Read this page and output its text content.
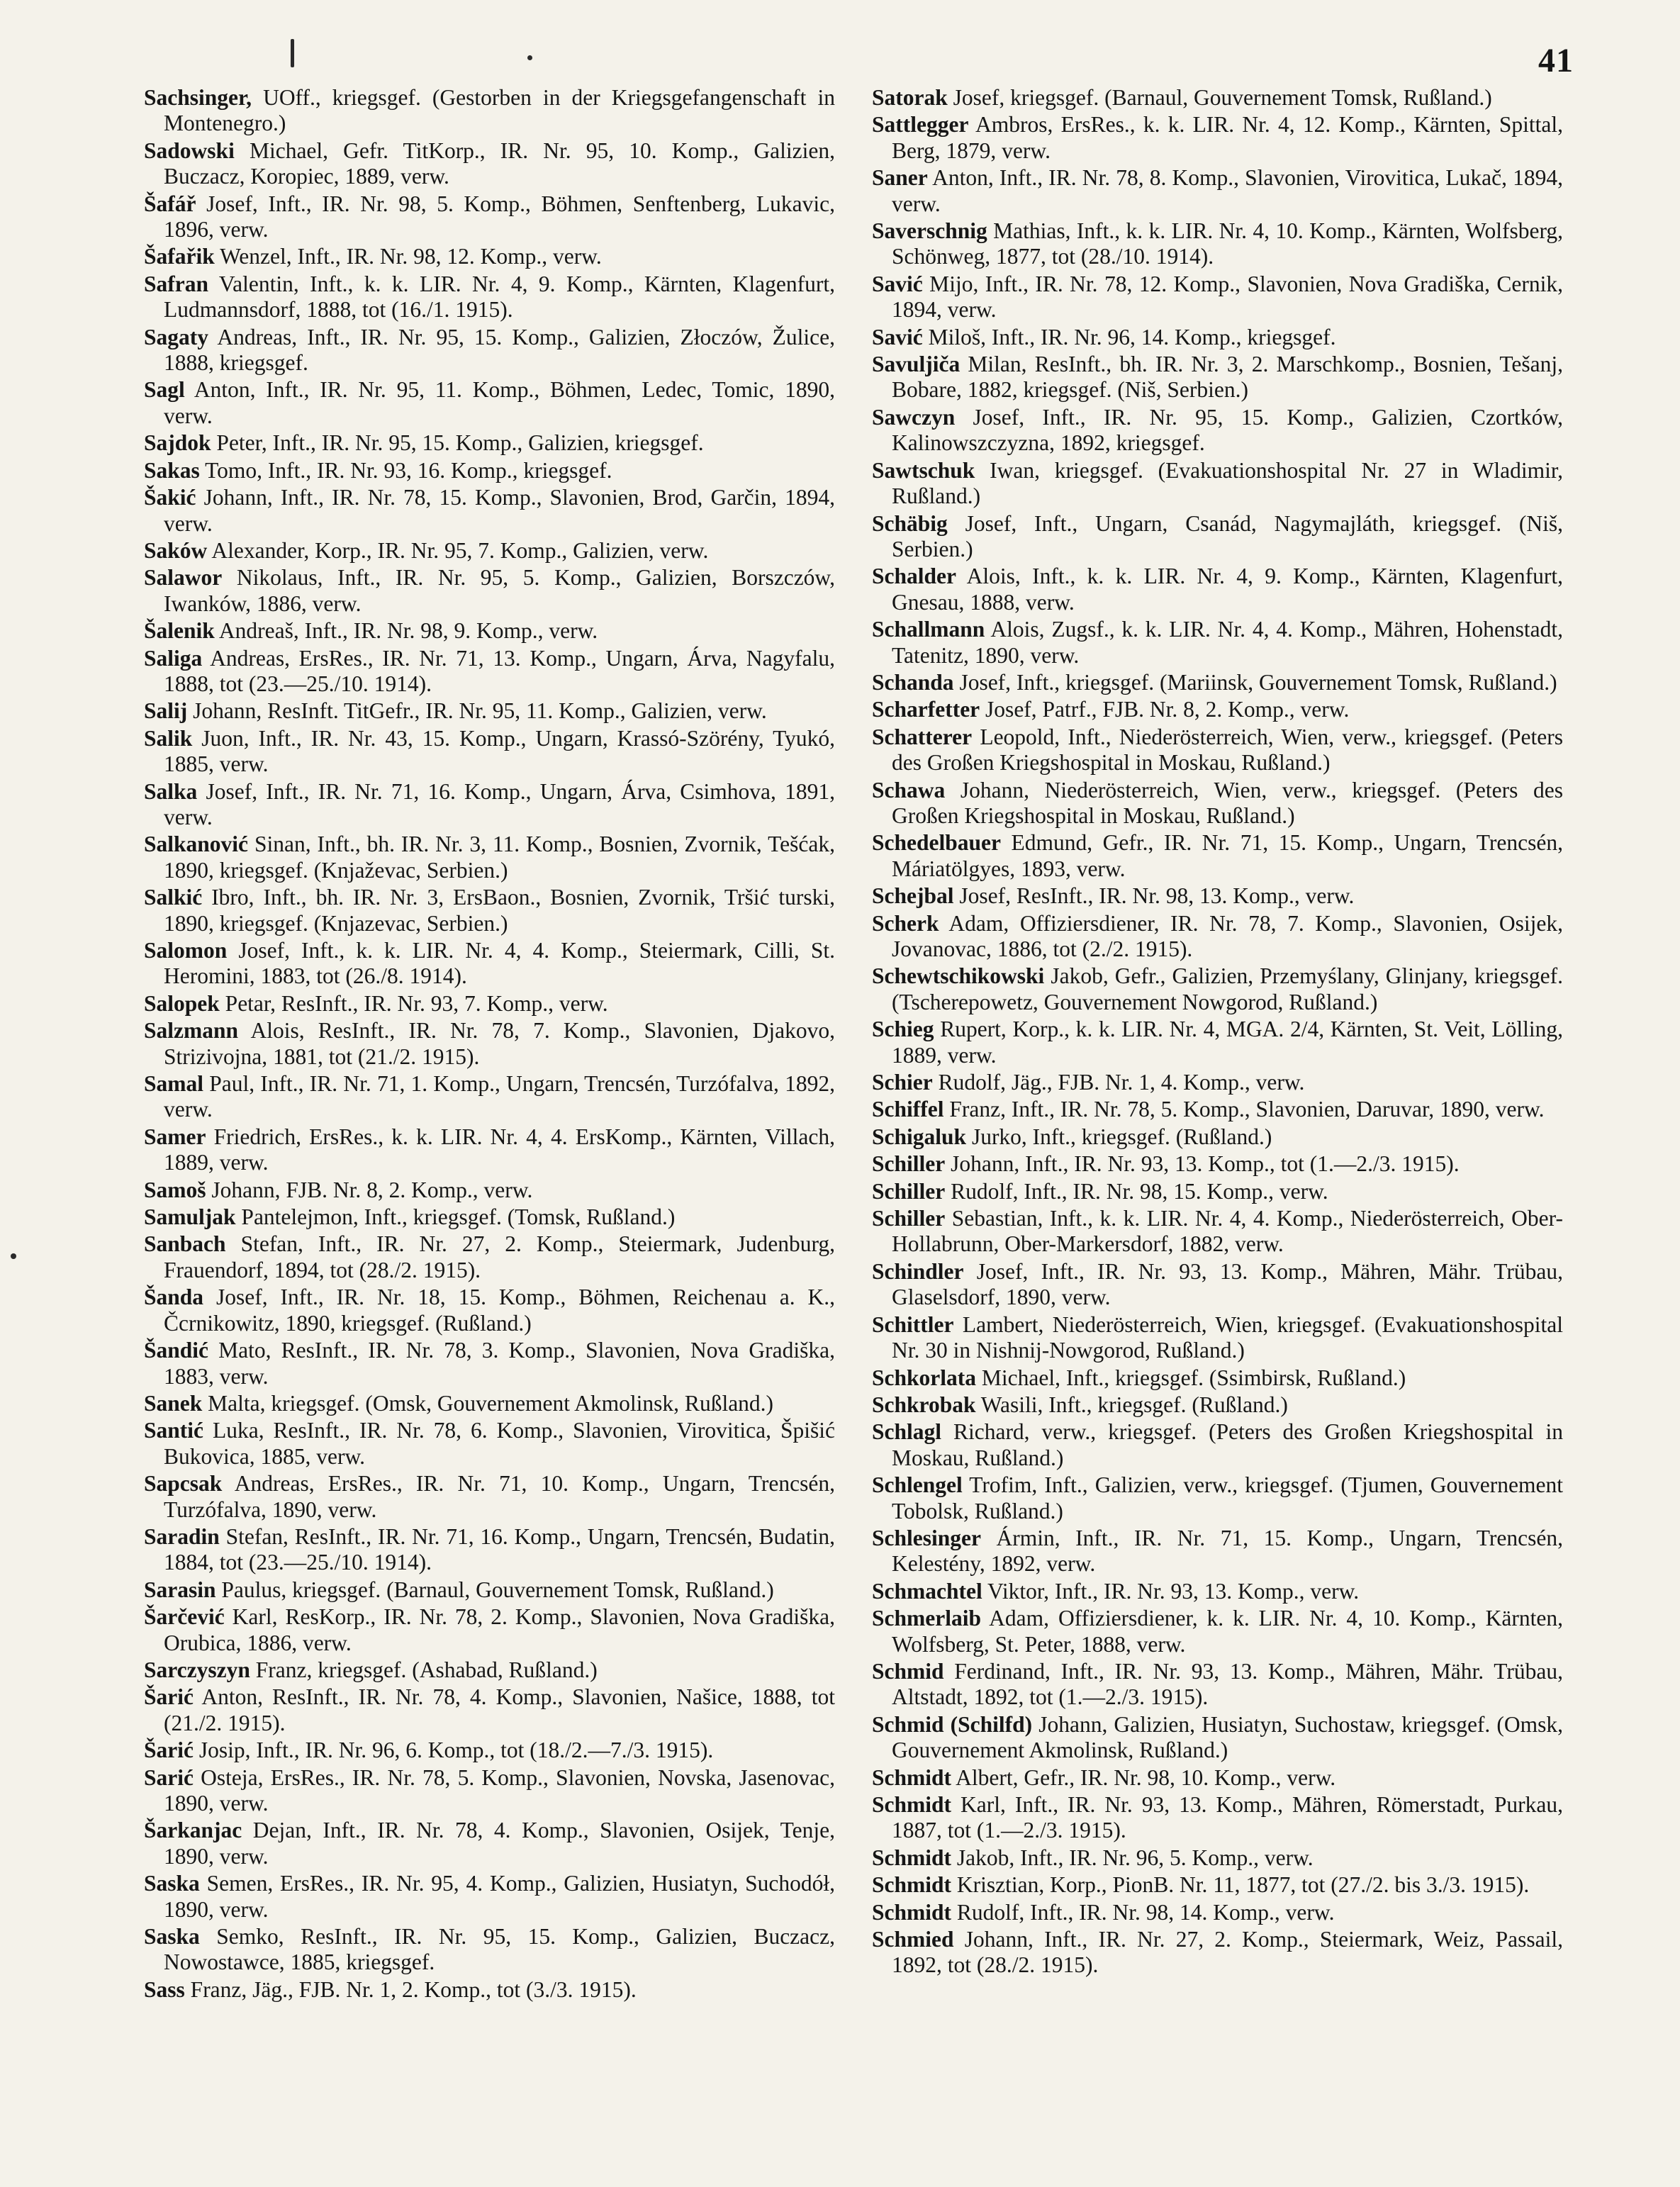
41

Sachsinger, UOff., kriegsgef. (Gestorben in der Kriegsgefangenschaft in Montenegro.)

Sadowski Michael, Gefr. TitKorp., IR. Nr. 95, 10. Komp., Galizien, Buczacz, Koropiec, 1889, verw.

Šafář Josef, Inft., IR. Nr. 98, 5. Komp., Böhmen, Senftenberg, Lukavic, 1896, verw.

Šafařik Wenzel, Inft., IR. Nr. 98, 12. Komp., verw.

Safran Valentin, Inft., k. k. LIR. Nr. 4, 9. Komp., Kärnten, Klagenfurt, Ludmannsdorf, 1888, tot (16./1. 1915).

Sagaty Andreas, Inft., IR. Nr. 95, 15. Komp., Galizien, Złoczów, Žulice, 1888, kriegsgef.

Sagl Anton, Inft., IR. Nr. 95, 11. Komp., Böhmen, Ledec, Tomic, 1890, verw.

Sajdok Peter, Inft., IR. Nr. 95, 15. Komp., Galizien, kriegsgef.

Sakas Tomo, Inft., IR. Nr. 93, 16. Komp., kriegsgef.

Šakić Johann, Inft., IR. Nr. 78, 15. Komp., Slavonien, Brod, Garčin, 1894, verw.

Saków Alexander, Korp., IR. Nr. 95, 7. Komp., Galizien, verw.

Salawor Nikolaus, Inft., IR. Nr. 95, 5. Komp., Galizien, Borszczów, Iwanków, 1886, verw.

Šalenik Andreaš, Inft., IR. Nr. 98, 9. Komp., verw.

Saliga Andreas, ErsRes., IR. Nr. 71, 13. Komp., Ungarn, Árva, Nagyfalu, 1888, tot (23.—25./10. 1914).

Salij Johann, ResInft. TitGefr., IR. Nr. 95, 11. Komp., Galizien, verw.

Salik Juon, Inft., IR. Nr. 43, 15. Komp., Ungarn, Krassó-Szörény, Tyukó, 1885, verw.

Salka Josef, Inft., IR. Nr. 71, 16. Komp., Ungarn, Árva, Csimhova, 1891, verw.

Salkanović Sinan, Inft., bh. IR. Nr. 3, 11. Komp., Bosnien, Zvornik, Tešćak, 1890, kriegsgef. (Knjaževac, Serbien.)

Salkić Ibro, Inft., bh. IR. Nr. 3, ErsBaon., Bosnien, Zvornik, Tršić turski, 1890, kriegsgef. (Knjazevac, Serbien.)

Salomon Josef, Inft., k. k. LIR. Nr. 4, 4. Komp., Steiermark, Cilli, St. Heromini, 1883, tot (26./8. 1914).

Salopek Petar, ResInft., IR. Nr. 93, 7. Komp., verw.

Salzmann Alois, ResInft., IR. Nr. 78, 7. Komp., Slavonien, Djakovo, Strizivojna, 1881, tot (21./2. 1915).

Samal Paul, Inft., IR. Nr. 71, 1. Komp., Ungarn, Trencsén, Turzófalva, 1892, verw.

Samer Friedrich, ErsRes., k. k. LIR. Nr. 4, 4. ErsKomp., Kärnten, Villach, 1889, verw.

Samoš Johann, FJB. Nr. 8, 2. Komp., verw.

Samuljak Pantelejmon, Inft., kriegsgef. (Tomsk, Rußland.)

Sanbach Stefan, Inft., IR. Nr. 27, 2. Komp., Steiermark, Judenburg, Frauendorf, 1894, tot (28./2. 1915).

Šanda Josef, Inft., IR. Nr. 18, 15. Komp., Böhmen, Reichenau a. K., Čcrnikowitz, 1890, kriegsgef. (Rußland.)

Šandić Mato, ResInft., IR. Nr. 78, 3. Komp., Slavonien, Nova Gradiška, 1883, verw.

Sanek Malta, kriegsgef. (Omsk, Gouvernement Akmolinsk, Rußland.)

Santić Luka, ResInft., IR. Nr. 78, 6. Komp., Slavonien, Virovitica, Špišić Bukovica, 1885, verw.

Sapcsak Andreas, ErsRes., IR. Nr. 71, 10. Komp., Ungarn, Trencsén, Turzófalva, 1890, verw.

Saradin Stefan, ResInft., IR. Nr. 71, 16. Komp., Ungarn, Trencsén, Budatin, 1884, tot (23.—25./10. 1914).

Sarasin Paulus, kriegsgef. (Barnaul, Gouvernement Tomsk, Rußland.)

Šarčević Karl, ResKorp., IR. Nr. 78, 2. Komp., Slavonien, Nova Gradiška, Orubica, 1886, verw.

Sarczyszyn Franz, kriegsgef. (Ashabad, Rußland.)

Šarić Anton, ResInft., IR. Nr. 78, 4. Komp., Slavonien, Našice, 1888, tot (21./2. 1915).

Šarić Josip, Inft., IR. Nr. 96, 6. Komp., tot (18./2.—7./3. 1915).

Sarić Osteja, ErsRes., IR. Nr. 78, 5. Komp., Slavonien, Novska, Jasenovac, 1890, verw.

Šarkanjac Dejan, Inft., IR. Nr. 78, 4. Komp., Slavonien, Osijek, Tenje, 1890, verw.

Saska Semen, ErsRes., IR. Nr. 95, 4. Komp., Galizien, Husiatyn, Suchodół, 1890, verw.

Saska Semko, ResInft., IR. Nr. 95, 15. Komp., Galizien, Buczacz, Nowostawce, 1885, kriegsgef.

Sass Franz, Jäg., FJB. Nr. 1, 2. Komp., tot (3./3. 1915).

Satorak Josef, kriegsgef. (Barnaul, Gouvernement Tomsk, Rußland.)

Sattlegger Ambros, ErsRes., k. k. LIR. Nr. 4, 12. Komp., Kärnten, Spittal, Berg, 1879, verw.

Saner Anton, Inft., IR. Nr. 78, 8. Komp., Slavonien, Virovitica, Lukač, 1894, verw.

Saverschnig Mathias, Inft., k. k. LIR. Nr. 4, 10. Komp., Kärnten, Wolfsberg, Schönweg, 1877, tot (28./10. 1914).

Savić Mijo, Inft., IR. Nr. 78, 12. Komp., Slavonien, Nova Gradiška, Cernik, 1894, verw.

Savić Miloš, Inft., IR. Nr. 96, 14. Komp., kriegsgef.

Savuljiča Milan, ResInft., bh. IR. Nr. 3, 2. Marschkomp., Bosnien, Tešanj, Bobare, 1882, kriegsgef. (Niš, Serbien.)

Sawczyn Josef, Inft., IR. Nr. 95, 15. Komp., Galizien, Czortków, Kalinowszczyzna, 1892, kriegsgef.

Sawtschuk Iwan, kriegsgef. (Evakuationshospital Nr. 27 in Wladimir, Rußland.)

Schäbig Josef, Inft., Ungarn, Csanád, Nagymajláth, kriegsgef. (Niš, Serbien.)

Schalder Alois, Inft., k. k. LIR. Nr. 4, 9. Komp., Kärnten, Klagenfurt, Gnesau, 1888, verw.

Schallmann Alois, Zugsf., k. k. LIR. Nr. 4, 4. Komp., Mähren, Hohenstadt, Tatenitz, 1890, verw.

Schanda Josef, Inft., kriegsgef. (Mariinsk, Gouvernement Tomsk, Rußland.)

Scharfetter Josef, Patrf., FJB. Nr. 8, 2. Komp., verw.

Schatterer Leopold, Inft., Niederösterreich, Wien, verw., kriegsgef. (Peters des Großen Kriegshospital in Moskau, Rußland.)

Schawa Johann, Niederösterreich, Wien, verw., kriegsgef. (Peters des Großen Kriegshospital in Moskau, Rußland.)

Schedelbauer Edmund, Gefr., IR. Nr. 71, 15. Komp., Ungarn, Trencsén, Máriatölgyes, 1893, verw.

Schejbal Josef, ResInft., IR. Nr. 98, 13. Komp., verw.

Scherk Adam, Offiziersdiener, IR. Nr. 78, 7. Komp., Slavonien, Osijek, Jovanovac, 1886, tot (2./2. 1915).

Schewtschikowski Jakob, Gefr., Galizien, Przemyślany, Glinjany, kriegsgef. (Tscherepowetz, Gouvernement Nowgorod, Rußland.)

Schieg Rupert, Korp., k. k. LIR. Nr. 4, MGA. 2/4, Kärnten, St. Veit, Lölling, 1889, verw.

Schier Rudolf, Jäg., FJB. Nr. 1, 4. Komp., verw.

Schiffel Franz, Inft., IR. Nr. 78, 5. Komp., Slavonien, Daruvar, 1890, verw.

Schigaluk Jurko, Inft., kriegsgef. (Rußland.)

Schiller Johann, Inft., IR. Nr. 93, 13. Komp., tot (1.—2./3. 1915).

Schiller Rudolf, Inft., IR. Nr. 98, 15. Komp., verw.

Schiller Sebastian, Inft., k. k. LIR. Nr. 4, 4. Komp., Niederösterreich, Ober-Hollabrunn, Ober-Markersdorf, 1882, verw.

Schindler Josef, Inft., IR. Nr. 93, 13. Komp., Mähren, Mähr. Trübau, Glaselsdorf, 1890, verw.

Schittler Lambert, Niederösterreich, Wien, kriegsgef. (Evakuationshospital Nr. 30 in Nishnij-Nowgorod, Rußland.)

Schkorlata Michael, Inft., kriegsgef. (Ssimbirsk, Rußland.)

Schkrobak Wasili, Inft., kriegsgef. (Rußland.)

Schlagl Richard, verw., kriegsgef. (Peters des Großen Kriegshospital in Moskau, Rußland.)

Schlengel Trofim, Inft., Galizien, verw., kriegsgef. (Tjumen, Gouvernement Tobolsk, Rußland.)

Schlesinger Ármin, Inft., IR. Nr. 71, 15. Komp., Ungarn, Trencsén, Kelestény, 1892, verw.

Schmachtel Viktor, Inft., IR. Nr. 93, 13. Komp., verw.

Schmerlaib Adam, Offiziersdiener, k. k. LIR. Nr. 4, 10. Komp., Kärnten, Wolfsberg, St. Peter, 1888, verw.

Schmid Ferdinand, Inft., IR. Nr. 93, 13. Komp., Mähren, Mähr. Trübau, Altstadt, 1892, tot (1.—2./3. 1915).

Schmid (Schilfd) Johann, Galizien, Husiatyn, Suchostaw, kriegsgef. (Omsk, Gouvernement Akmolinsk, Rußland.)

Schmidt Albert, Gefr., IR. Nr. 98, 10. Komp., verw.

Schmidt Karl, Inft., IR. Nr. 93, 13. Komp., Mähren, Römerstadt, Purkau, 1887, tot (1.—2./3. 1915).

Schmidt Jakob, Inft., IR. Nr. 96, 5. Komp., verw.

Schmidt Krisztian, Korp., PionB. Nr. 11, 1877, tot (27./2. bis 3./3. 1915).

Schmidt Rudolf, Inft., IR. Nr. 98, 14. Komp., verw.

Schmied Johann, Inft., IR. Nr. 27, 2. Komp., Steiermark, Weiz, Passail, 1892, tot (28./2. 1915).
